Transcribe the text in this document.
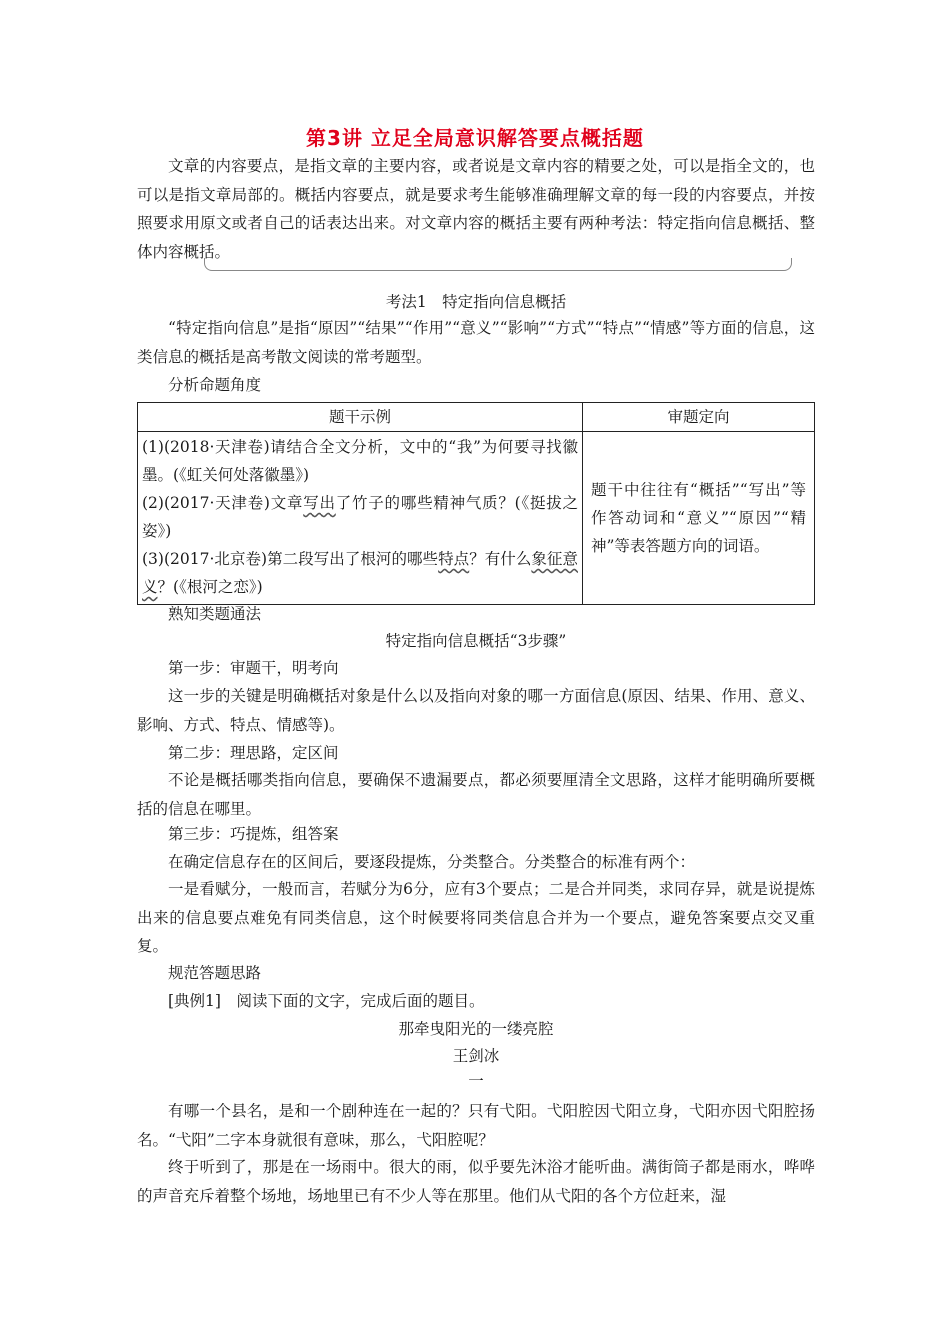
第3讲 立足全局意识解答要点概括题

文章的内容要点，是指文章的主要内容，或者说是文章内容的精要之处，可以是指全文的，也可以是指文章局部的。概括内容要点，就是要求考生能够准确理解文章的每一段的内容要点，并按照要求用原文或者自己的话表达出来。对文章内容的概括主要有两种考法：特定指向信息概括、整体内容概括。

考法1　特定指向信息概括

“特定指向信息”是指“原因”“结果”“作用”“意义”“影响”“方式”“特点”“情感”等方面的信息，这类信息的概括是高考散文阅读的常考题型。

分析命题角度

题干示例	审题定向

(1)(2018·天津卷)请结合全文分析，文中的“我”为何要寻找徽墨。(《虹关何处落徽墨》)
(2)(2017·天津卷)文章写出了竹子的哪些精神气质？(《挺拔之姿》)
(3)(2017·北京卷)第二段写出了根河的哪些特点？有什么象征意义？(《根河之恋》)	题干中往往有“概括”“写出”等作答动词和“意义”“原因”“精神”等表答题方向的词语。

熟知类题通法

特定指向信息概括“3步骤”

第一步：审题干，明考向

这一步的关键是明确概括对象是什么以及指向对象的哪一方面信息(原因、结果、作用、意义、影响、方式、特点、情感等)。

第二步：理思路，定区间

不论是概括哪类指向信息，要确保不遗漏要点，都必须要厘清全文思路，这样才能明确所要概括的信息在哪里。

第三步：巧提炼，组答案

在确定信息存在的区间后，要逐段提炼，分类整合。分类整合的标准有两个：

一是看赋分，一般而言，若赋分为6分，应有3个要点；二是合并同类，求同存异，就是说提炼出来的信息要点难免有同类信息，这个时候要将同类信息合并为一个要点，避免答案要点交叉重复。

规范答题思路

[典例1]　阅读下面的文字，完成后面的题目。

那牵曳阳光的一缕亮腔

王剑冰

一

有哪一个县名，是和一个剧种连在一起的？只有弋阳。弋阳腔因弋阳立身，弋阳亦因弋阳腔扬名。“弋阳”二字本身就很有意味，那么，弋阳腔呢？

终于听到了，那是在一场雨中。很大的雨，似乎要先沐浴才能听曲。满街筒子都是雨水，哗哗的声音充斥着整个场地，场地里已有不少人等在那里。他们从弋阳的各个方位赶来，湿
